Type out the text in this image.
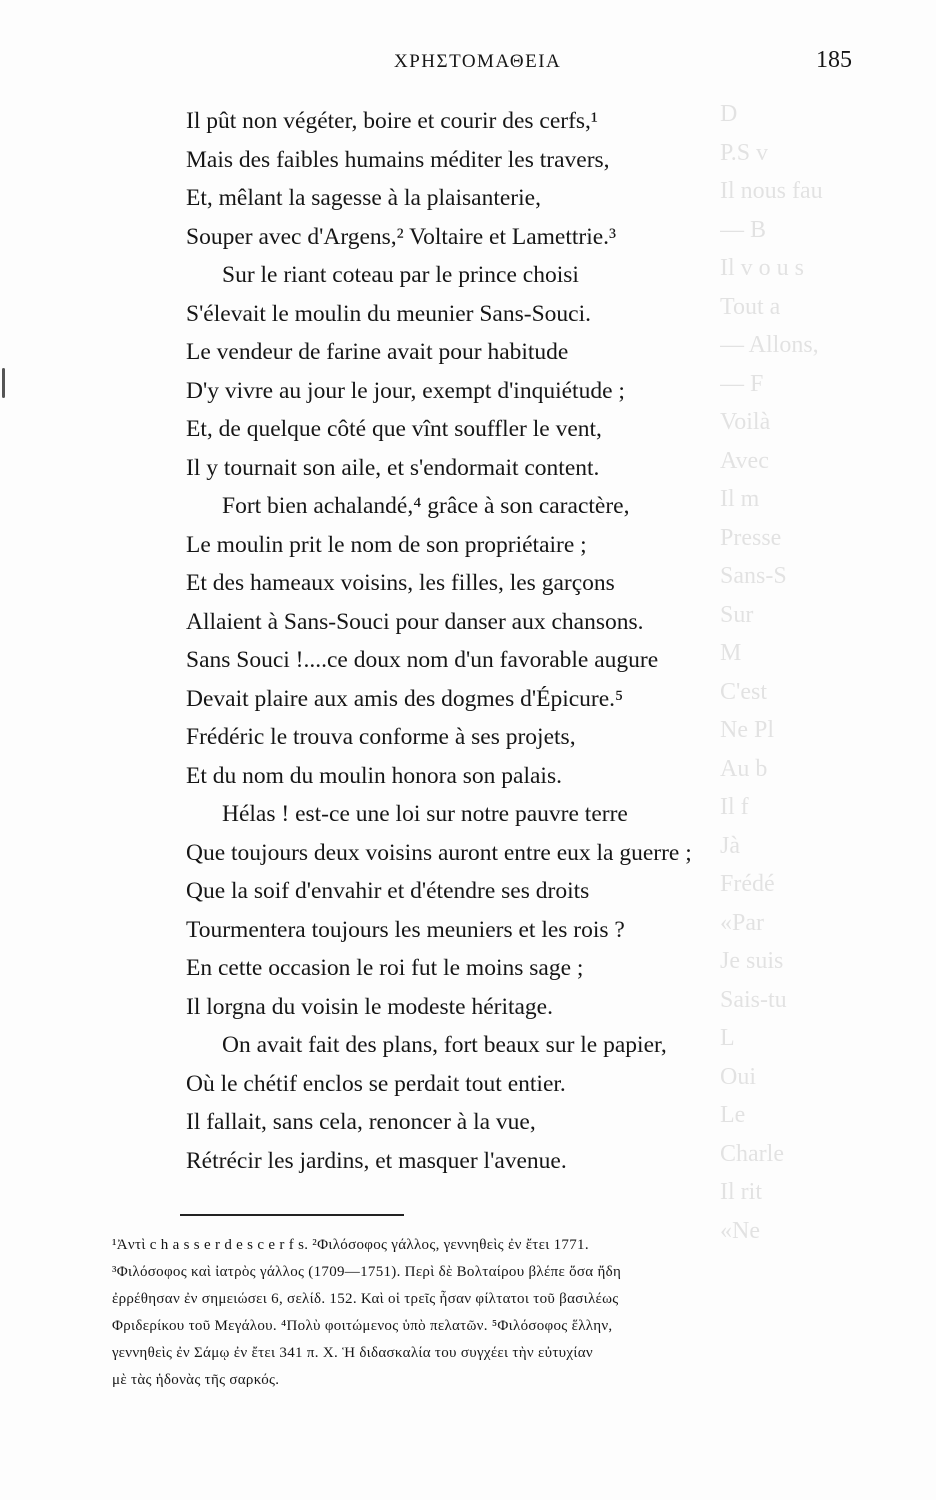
D
P.S v
Il nous fau
— B
Il v o u s
Tout a
— Allons,
— F
Voilà
Avec
Il m
Presse
Sans-S
Sur
M
C'est
Ne Pl
Au b
Il f
Jà
Frédé
«Par
Je suis
Sais-tu
L
Oui
Le
Charle
Il rit
«Ne
ΧΡΗΣΤΟΜΑΘΕΙΑ	185
Il pût non végéter, boire et courir des cerfs,¹
Mais des faibles humains méditer les travers,
Et, mêlant la sagesse à la plaisanterie,
Souper avec d'Argens,² Voltaire et Lamettrie.³
Sur le riant coteau par le prince choisi
S'élevait le moulin du meunier Sans-Souci.
Le vendeur de farine avait pour habitude
D'y vivre au jour le jour, exempt d'inquiétude ;
Et, de quelque côté que vînt souffler le vent,
Il y tournait son aile, et s'endormait content.
Fort bien achalandé,⁴ grâce à son caractère,
Le moulin prit le nom de son propriétaire ;
Et des hameaux voisins, les filles, les garçons
Allaient à Sans-Souci pour danser aux chansons.
Sans Souci !....ce doux nom d'un favorable augure
Devait plaire aux amis des dogmes d'Épicure.⁵
Frédéric le trouva conforme à ses projets,
Et du nom du moulin honora son palais.
Hélas ! est-ce une loi sur notre pauvre terre
Que toujours deux voisins auront entre eux la guerre ;
Que la soif d'envahir et d'étendre ses droits
Tourmentera toujours les meuniers et les rois ?
En cette occasion le roi fut le moins sage ;
Il lorgna du voisin le modeste héritage.
On avait fait des plans, fort beaux sur le papier,
Où le chétif enclos se perdait tout entier.
Il fallait, sans cela, renoncer à la vue,
Rétrécir les jardins, et masquer l'avenue.
¹Ἀντὶ c h a s s e r d e s c e r f s. ²Φιλόσοφος γάλλος, γεννηθεὶς ἐν ἔτει 1771.
³Φιλόσοφος καὶ ἰατρὸς γάλλος (1709—1751). Περὶ δὲ Βολταίρου βλέπε ὅσα ἤδη
ἐρρέθησαν ἐν σημειώσει 6, σελίδ. 152. Καὶ οἱ τρεῖς ἦσαν φίλτατοι τοῦ βασιλέως
Φριδερίκου τοῦ Μεγάλου. ⁴Πολὺ φοιτώμενος ὑπὸ πελατῶν. ⁵Φιλόσοφος ἕλλην,
γεννηθεὶς ἐν Σάμῳ ἐν ἔτει 341 π. Χ. Ἡ διδασκαλία του συγχέει τὴν εὐτυχίαν
μὲ τὰς ἡδονὰς τῆς σαρκός.
